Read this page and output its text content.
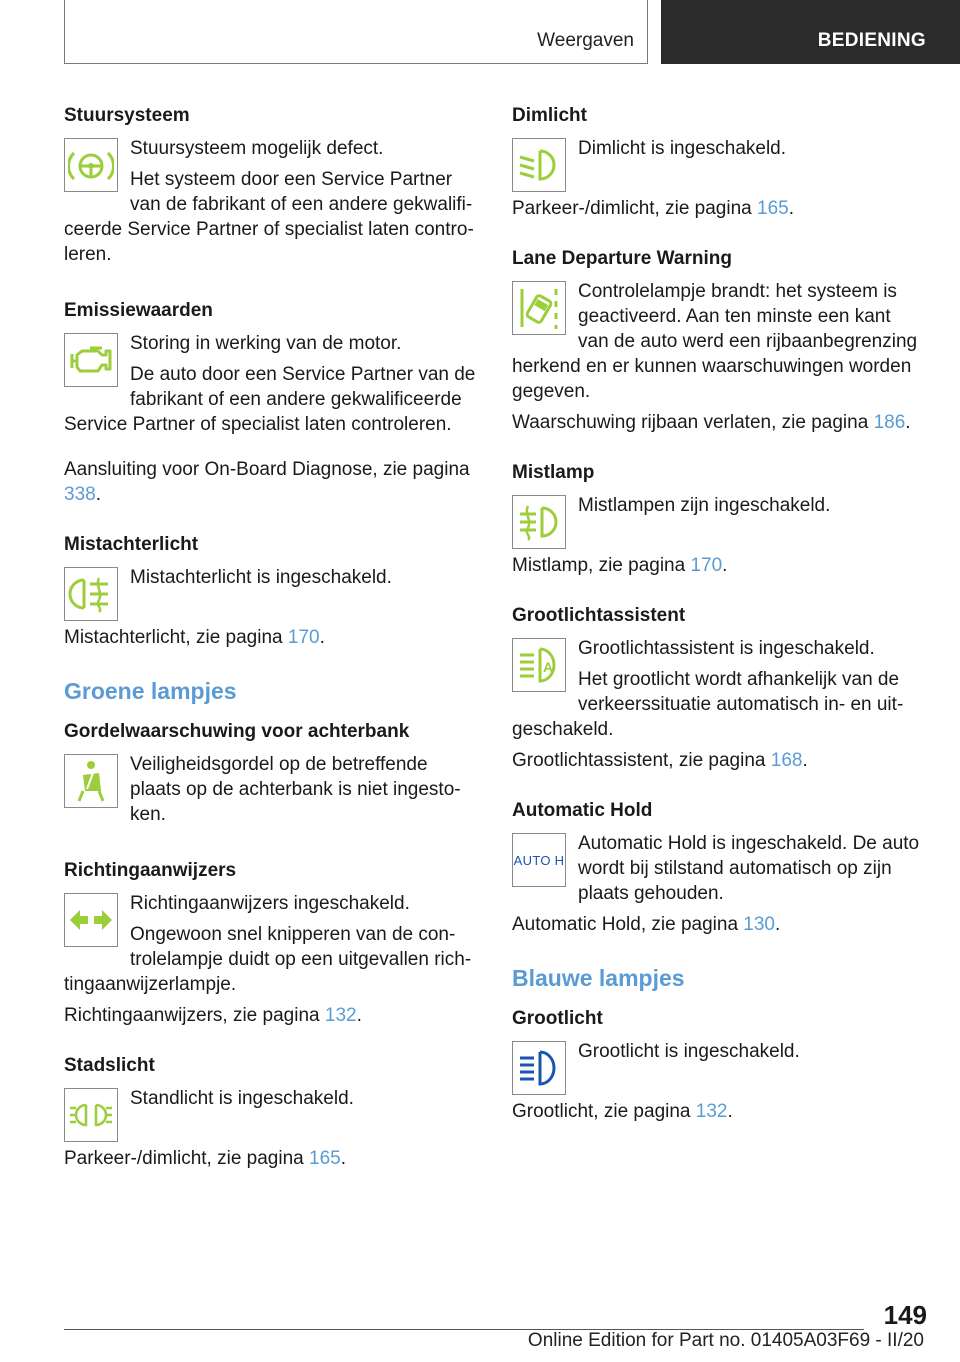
Weergaven	BEDIENING
Stuursysteem

Stuursysteem mogelijk defect.

Het systeem door een Service Partner van de fabrikant of een andere gekwalificeerde Service Partner of specialist laten controleren.

Emissiewaarden

Storing in werking van de motor.

De auto door een Service Partner van de fabrikant of een andere gekwalificeerde Service Partner of specialist laten controleren.

Aansluiting voor On-Board Diagnose, zie pagina 338.

Mistachterlicht

Mistachterlicht is ingeschakeld.

Mistachterlicht, zie pagina 170.

Groene lampjes
Gordelwaarschuwing voor achterbank

Veiligheidsgordel op de betreffende plaats op de achterbank is niet ingestoken.

Richtingaanwijzers

Richtingaanwijzers ingeschakeld.

Ongewoon snel knipperen van de controlelampje duidt op een uitgevallen richtingaanwijzerlampje.

Richtingaanwijzers, zie pagina 132.

Stadslicht

Standlicht is ingeschakeld.

Parkeer-/dimlicht, zie pagina 165.

Dimlicht

Dimlicht is ingeschakeld.

Parkeer-/dimlicht, zie pagina 165.

Lane Departure Warning

Controlelampje brandt: het systeem is geactiveerd. Aan ten minste een kant van de auto werd een rijbaanbegrenzing herkend en er kunnen waarschuwingen worden gegeven.

Waarschuwing rijbaan verlaten, zie pagina 186.

Mistlamp

Mistlampen zijn ingeschakeld.

Mistlamp, zie pagina 170.

Grootlichtassistent
A

Grootlichtassistent is ingeschakeld.

Het grootlicht wordt afhankelijk van de verkeerssituatie automatisch in- en uitgeschakeld.

Grootlichtassistent, zie pagina 168.

Automatic Hold
AUTO H

Automatic Hold is ingeschakeld. De auto wordt bij stilstand automatisch op zijn plaats gehouden.

Automatic Hold, zie pagina 130.

Blauwe lampjes
Grootlicht

Grootlicht is ingeschakeld.

Grootlicht, zie pagina 132.

149
Online Edition for Part no. 01405A03F69 - II/20
